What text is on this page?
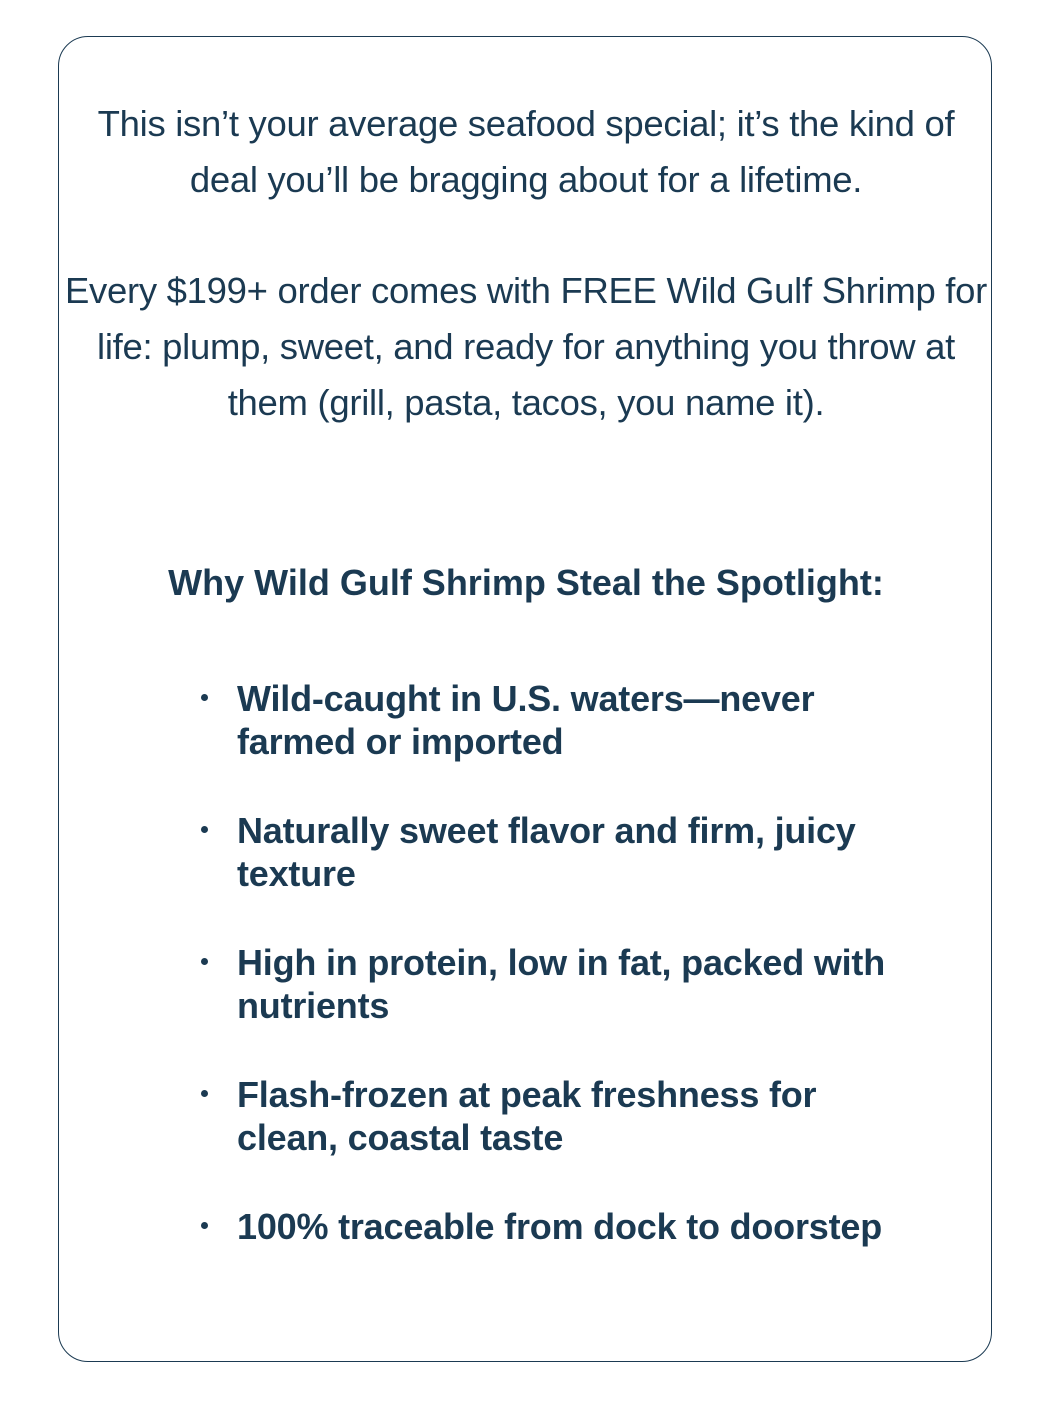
This isn’t your average seafood special; it’s the kind of deal you’ll be bragging about for a lifetime.

Every $199+ order comes with FREE Wild Gulf Shrimp for life: plump, sweet, and ready for anything you throw at them (grill, pasta, tacos, you name it).

Why Wild Gulf Shrimp Steal the Spotlight:
Wild-caught in U.S. waters—never farmed or imported
Naturally sweet flavor and firm, juicy texture
High in protein, low in fat, packed with nutrients
Flash-frozen at peak freshness for clean, coastal taste
100% traceable from dock to doorstep
